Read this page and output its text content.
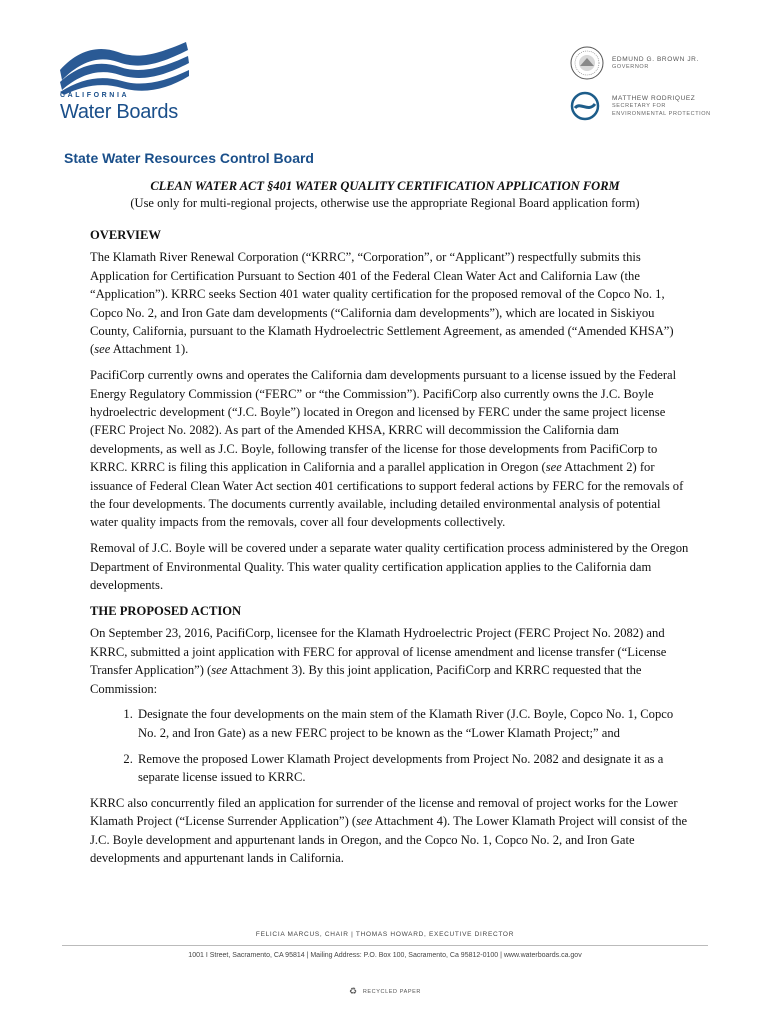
CALIFORNIA
Water Boards
EDMUND G. BROWN JR.
GOVERNOR
MATTHEW RODRIQUEZ
SECRETARY FOR
ENVIRONMENTAL PROTECTION
State Water Resources Control Board
CLEAN WATER ACT §401 WATER QUALITY CERTIFICATION APPLICATION FORM
(Use only for multi-regional projects, otherwise use the appropriate Regional Board application form)
OVERVIEW

The Klamath River Renewal Corporation (“KRRC”, “Corporation”, or “Applicant”) respectfully submits this Application for Certification Pursuant to Section 401 of the Federal Clean Water Act and California Law (the “Application”). KRRC seeks Section 401 water quality certification for the proposed removal of the Copco No. 1, Copco No. 2, and Iron Gate dam developments (“California dam developments”), which are located in Siskiyou County, California, pursuant to the Klamath Hydroelectric Settlement Agreement, as amended (“Amended KHSA”) (see Attachment 1).

PacifiCorp currently owns and operates the California dam developments pursuant to a license issued by the Federal Energy Regulatory Commission (“FERC” or “the Commission”). PacifiCorp also currently owns the J.C. Boyle hydroelectric development (“J.C. Boyle”) located in Oregon and licensed by FERC under the same project license (FERC Project No. 2082). As part of the Amended KHSA, KRRC will decommission the California dam developments, as well as J.C. Boyle, following transfer of the license for those developments from PacifiCorp to KRRC. KRRC is filing this application in California and a parallel application in Oregon (see Attachment 2) for issuance of Federal Clean Water Act section 401 certifications to support federal actions by FERC for the removals of the four developments. The documents currently available, including detailed environmental analysis of potential water quality impacts from the removals, cover all four developments collectively.

Removal of J.C. Boyle will be covered under a separate water quality certification process administered by the Oregon Department of Environmental Quality. This water quality certification application applies to the California dam developments.

THE PROPOSED ACTION

On September 23, 2016, PacifiCorp, licensee for the Klamath Hydroelectric Project (FERC Project No. 2082) and KRRC, submitted a joint application with FERC for approval of license amendment and license transfer (“License Transfer Application”) (see Attachment 3). By this joint application, PacifiCorp and KRRC requested that the Commission:

1. Designate the four developments on the main stem of the Klamath River (J.C. Boyle, Copco No. 1, Copco No. 2, and Iron Gate) as a new FERC project to be known as the “Lower Klamath Project;” and
2. Remove the proposed Lower Klamath Project developments from Project No. 2082 and designate it as a separate license issued to KRRC.

KRRC also concurrently filed an application for surrender of the license and removal of project works for the Lower Klamath Project (“License Surrender Application”) (see Attachment 4). The Lower Klamath Project will consist of the J.C. Boyle development and appurtenant lands in Oregon, and the Copco No. 1, Copco No. 2, and Iron Gate developments and appurtenant lands in California.

FELICIA MARCUS, CHAIR | THOMAS HOWARD, EXECUTIVE DIRECTOR
1001 I Street, Sacramento, CA 95814 | Mailing Address: P.O. Box 100, Sacramento, Ca 95812-0100 | www.waterboards.ca.gov
♻ RECYCLED PAPER
